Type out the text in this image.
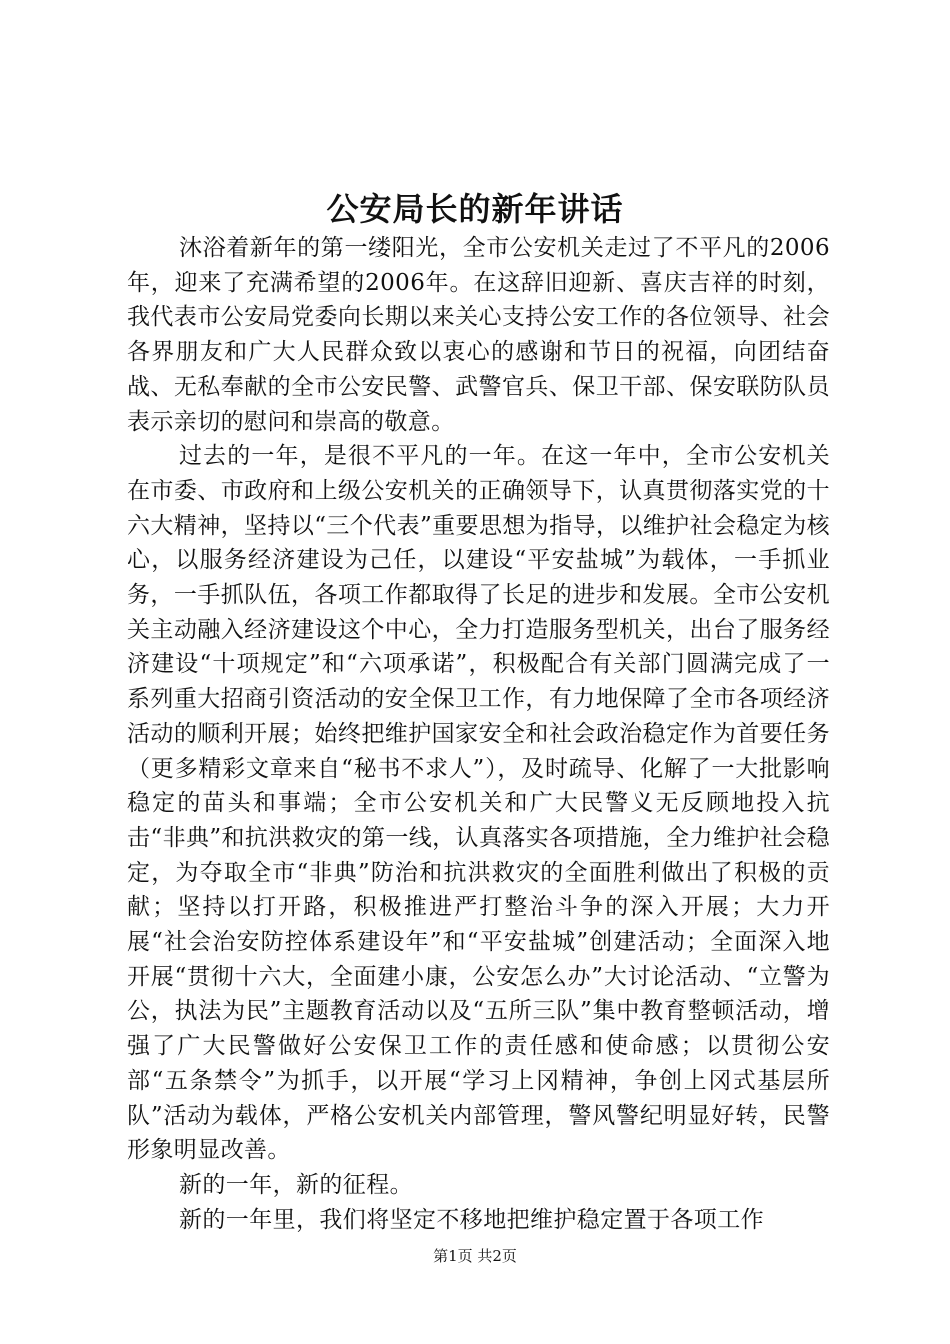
公安局长的新年讲话

沐浴着新年的第一缕阳光，全市公安机关走过了不平凡的2006年，迎来了充满希望的2006年。在这辞旧迎新、喜庆吉祥的时刻，我代表市公安局党委向长期以来关心支持公安工作的各位领导、社会各界朋友和广大人民群众致以衷心的感谢和节日的祝福，向团结奋战、无私奉献的全市公安民警、武警官兵、保卫干部、保安联防队员表示亲切的慰问和崇高的敬意。

过去的一年，是很不平凡的一年。在这一年中，全市公安机关在市委、市政府和上级公安机关的正确领导下，认真贯彻落实党的十六大精神，坚持以“三个代表”重要思想为指导，以维护社会稳定为核心，以服务经济建设为己任，以建设“平安盐城”为载体，一手抓业务，一手抓队伍，各项工作都取得了长足的进步和发展。全市公安机关主动融入经济建设这个中心，全力打造服务型机关，出台了服务经济建设“十项规定”和“六项承诺”，积极配合有关部门圆满完成了一系列重大招商引资活动的安全保卫工作，有力地保障了全市各项经济活动的顺利开展；始终把维护国家安全和社会政治稳定作为首要任务（更多精彩文章来自“秘书不求人”），及时疏导、化解了一大批影响稳定的苗头和事端；全市公安机关和广大民警义无反顾地投入抗击“非典”和抗洪救灾的第一线，认真落实各项措施，全力维护社会稳定，为夺取全市“非典”防治和抗洪救灾的全面胜利做出了积极的贡献；坚持以打开路，积极推进严打整治斗争的深入开展；大力开展“社会治安防控体系建设年”和“平安盐城”创建活动；全面深入地开展“贯彻十六大，全面建小康，公安怎么办”大讨论活动、“立警为公，执法为民”主题教育活动以及“五所三队”集中教育整顿活动，增强了广大民警做好公安保卫工作的责任感和使命感；以贯彻公安部“五条禁令”为抓手，以开展“学习上冈精神，争创上冈式基层所队”活动为载体，严格公安机关内部管理，警风警纪明显好转，民警形象明显改善。

新的一年，新的征程。

新的一年里，我们将坚定不移地把维护稳定置于各项工作

第1页 共2页
